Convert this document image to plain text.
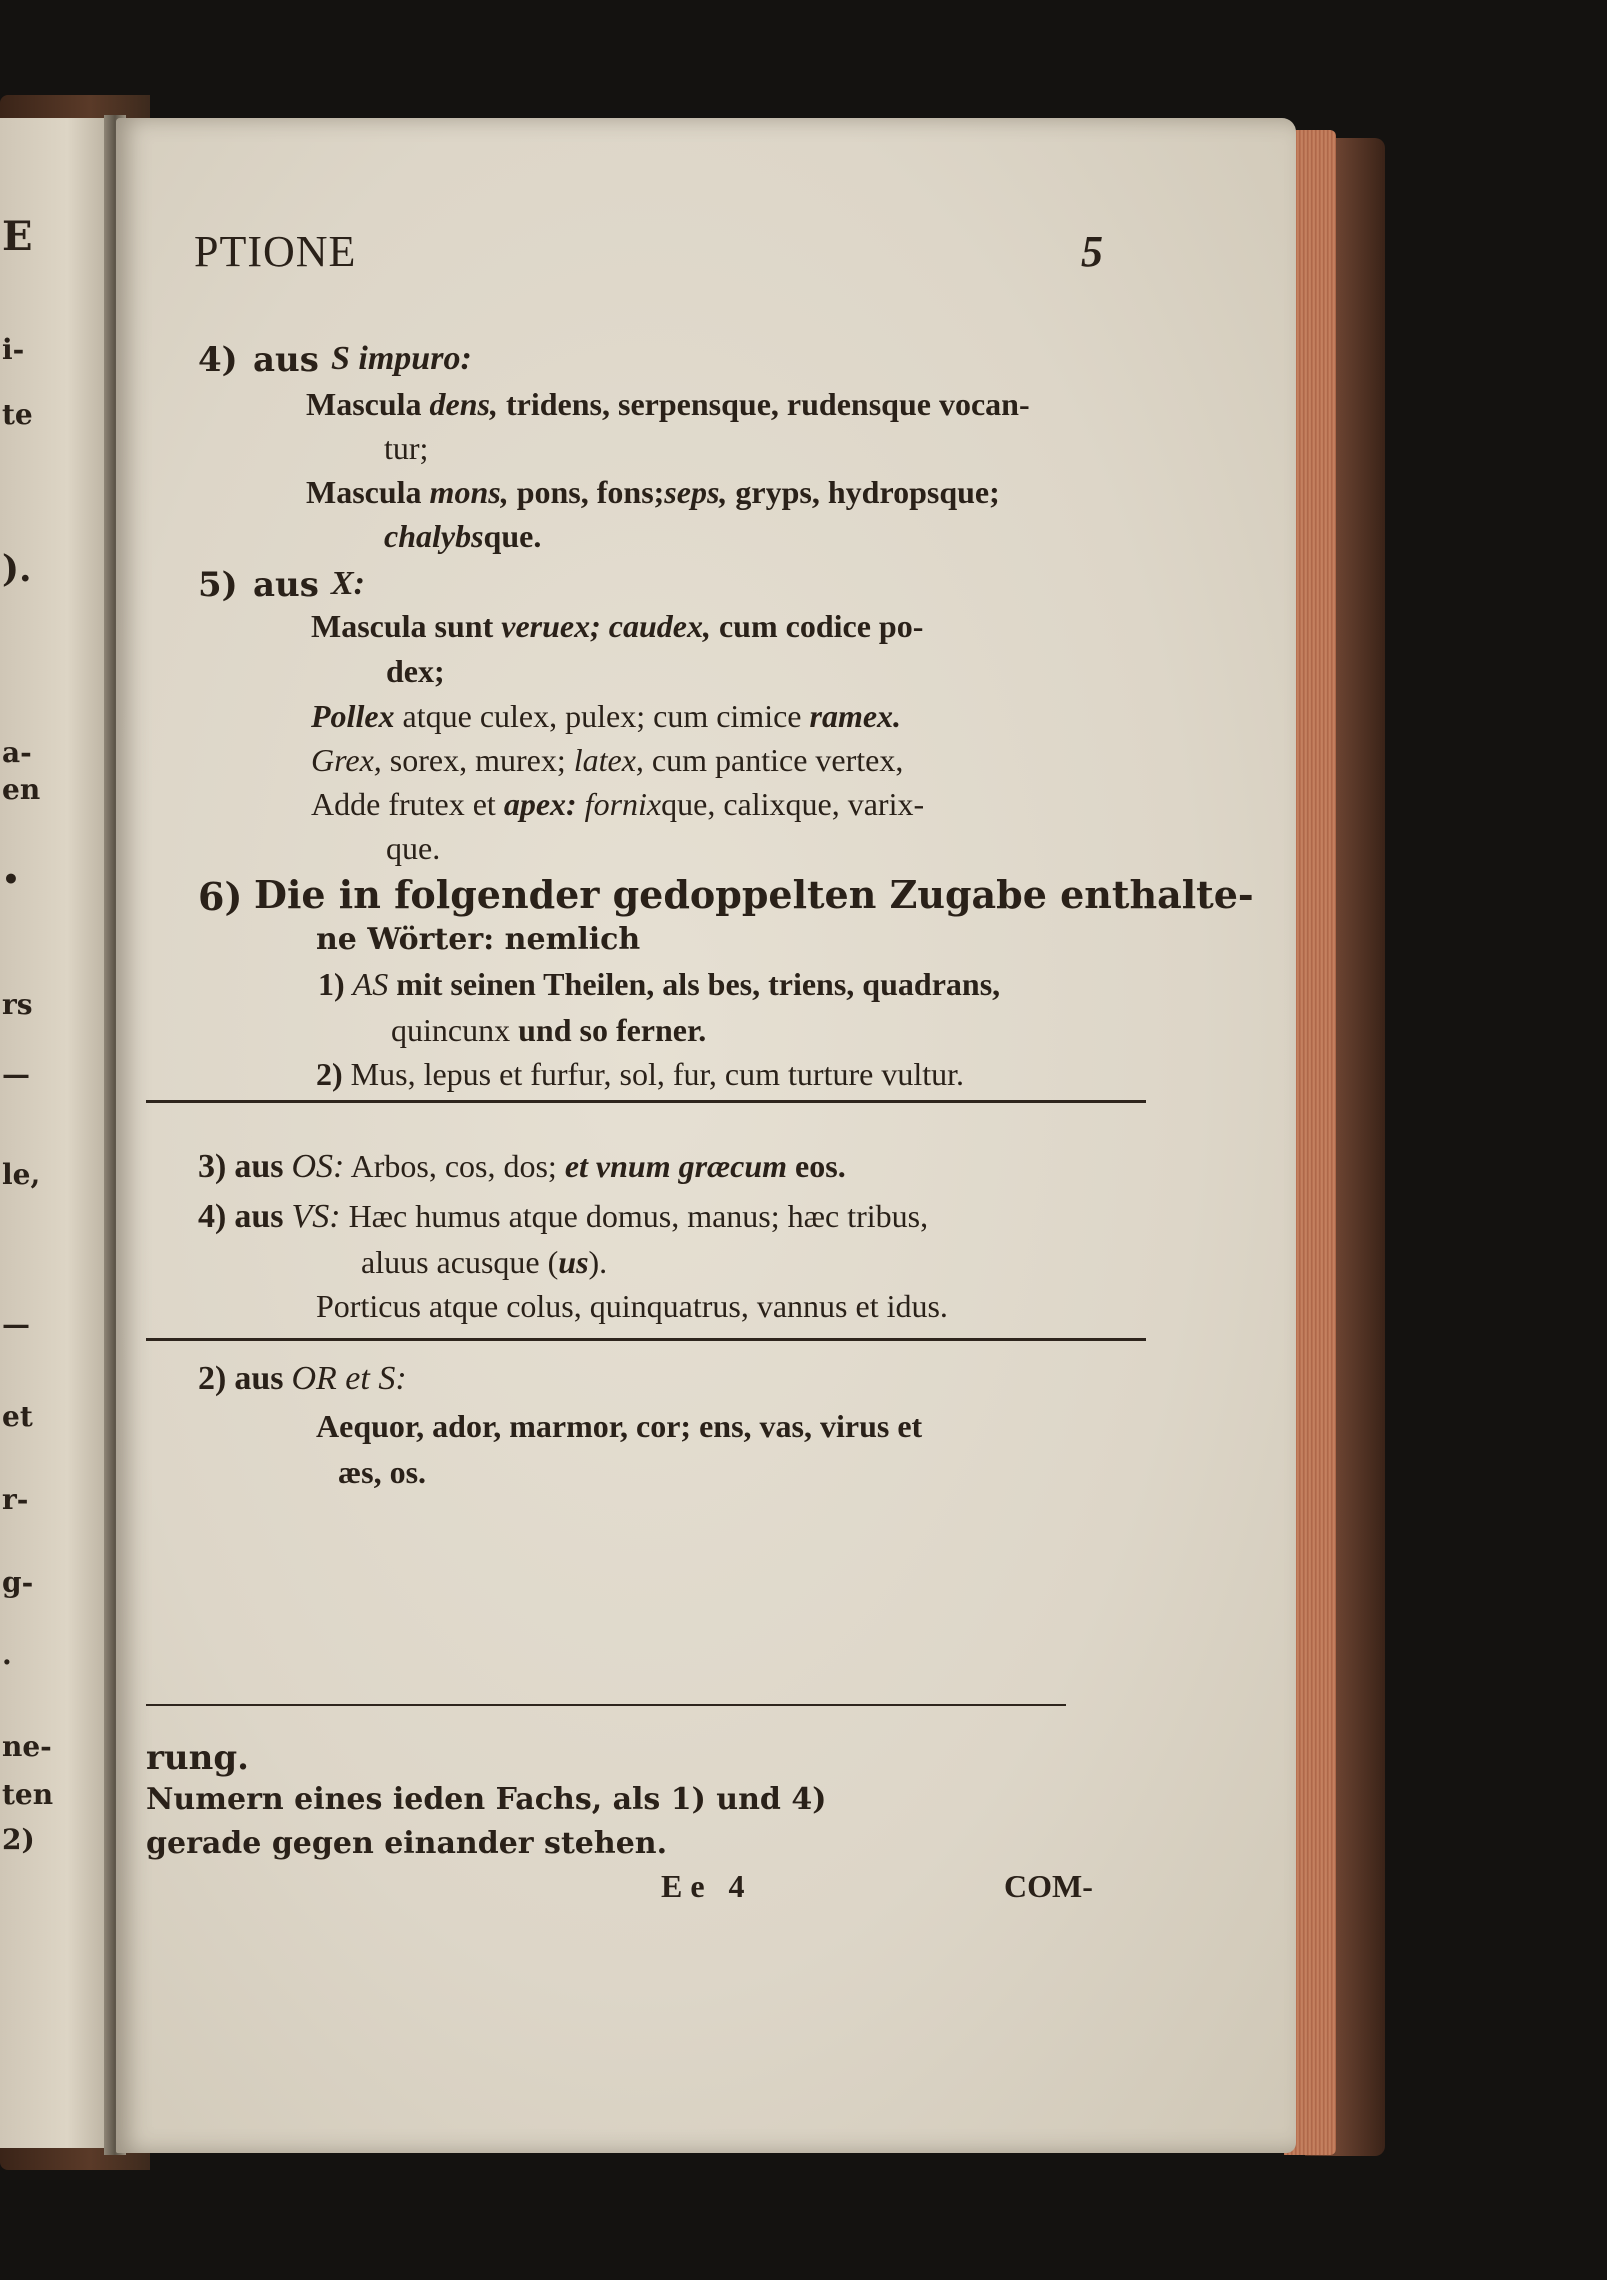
E
i-
te
).
a-
en
•
rs
—
le,
—
et
r-
g-
.
ne-
ten
2)
PTIONE	5
4) aus S impuro:
Mascula dens, tridens, serpensque, rudensque vocan-
tur;
Mascula mons, pons, fons;seps, gryps, hydropsque;
chalybsque.
5) aus X:
Mascula sunt veruex; caudex, cum codice po-
dex;
Pollex atque culex, pulex; cum cimice ramex.
Grex, sorex, murex; latex, cum pantice vertex,
Adde frutex et apex: fornixque, calixque, varix-
que.
6) Die in folgender gedoppelten Zugabe enthalte-
ne Wörter: nemlich
1) AS mit seinen Theilen, als bes, triens, quadrans,
quincunx und so ferner.
2) Mus, lepus et furfur, sol, fur, cum turture vultur.
3) aus OS: Arbos, cos, dos; et vnum græcum eos.
4) aus VS: Hæc humus atque domus, manus; hæc tribus,
aluus acusque (us).
Porticus atque colus, quinquatrus, vannus et idus.
2) aus OR et S:
Aequor, ador, marmor, cor; ens, vas, virus et
æs, os.
rung.
Numern eines ieden Fachs, als 1) und 4)
gerade gegen einander stehen.
Ee 4	COM-
